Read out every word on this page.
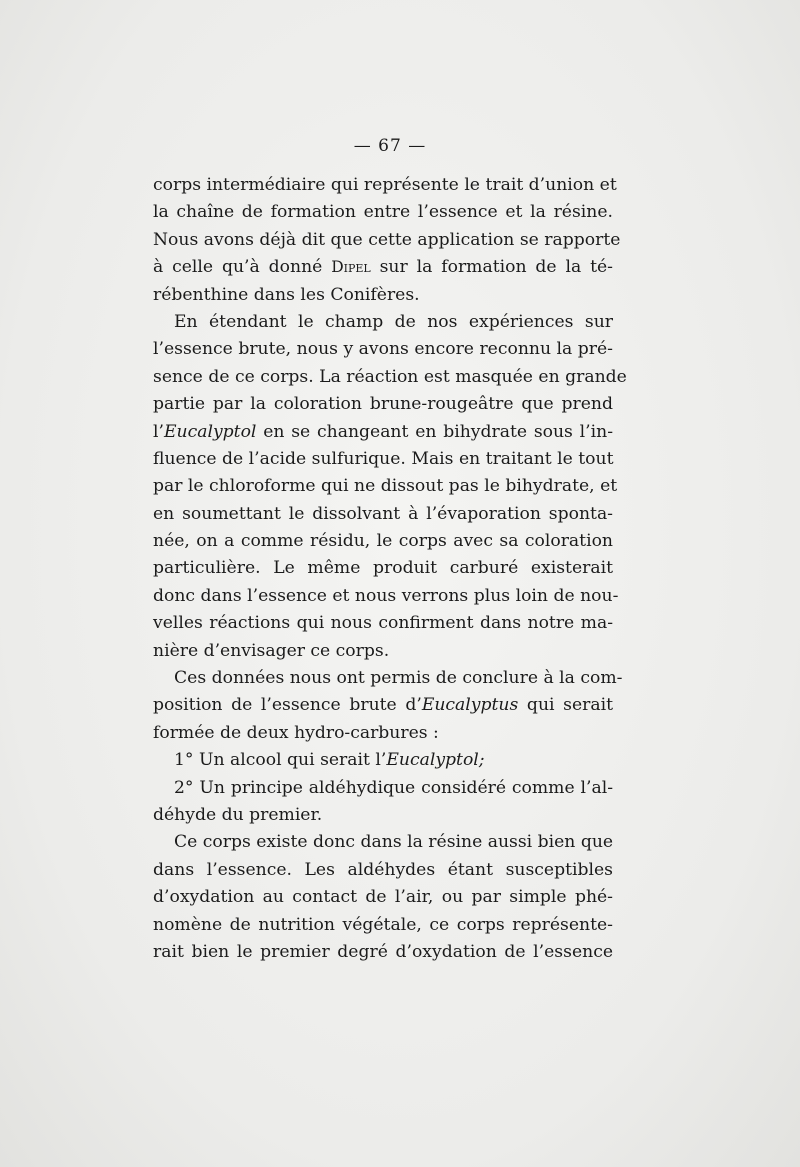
— 67 —
corps intermédiaire qui représente le trait d’union et
la chaîne de formation entre l’essence et la résine.
Nous avons déjà dit que cette application se rapporte
à celle qu’à donné Dipel sur la formation de la té-
rébenthine dans les Conifères.
En étendant le champ de nos expériences sur
l’essence brute, nous y avons encore reconnu la pré-
sence de ce corps. La réaction est masquée en grande
partie par la coloration brune-rougeâtre que prend
l’Eucalyptol en se changeant en bihydrate sous l’in-
fluence de l’acide sulfurique. Mais en traitant le tout
par le chloroforme qui ne dissout pas le bihydrate, et
en soumettant le dissolvant à l’évaporation sponta-
née, on a comme résidu, le corps avec sa coloration
particulière. Le même produit carburé existerait
donc dans l’essence et nous verrons plus loin de nou-
velles réactions qui nous confirment dans notre ma-
nière d’envisager ce corps.
Ces données nous ont permis de conclure à la com-
position de l’essence brute d’Eucalyptus qui serait
formée de deux hydro-carbures :
1° Un alcool qui serait l’Eucalyptol;
2° Un principe aldéhydique considéré comme l’al-
déhyde du premier.
Ce corps existe donc dans la résine aussi bien que
dans l’essence. Les aldéhydes étant susceptibles
d’oxydation au contact de l’air, ou par simple phé-
nomène de nutrition végétale, ce corps représente-
rait bien le premier degré d’oxydation de l’essence
